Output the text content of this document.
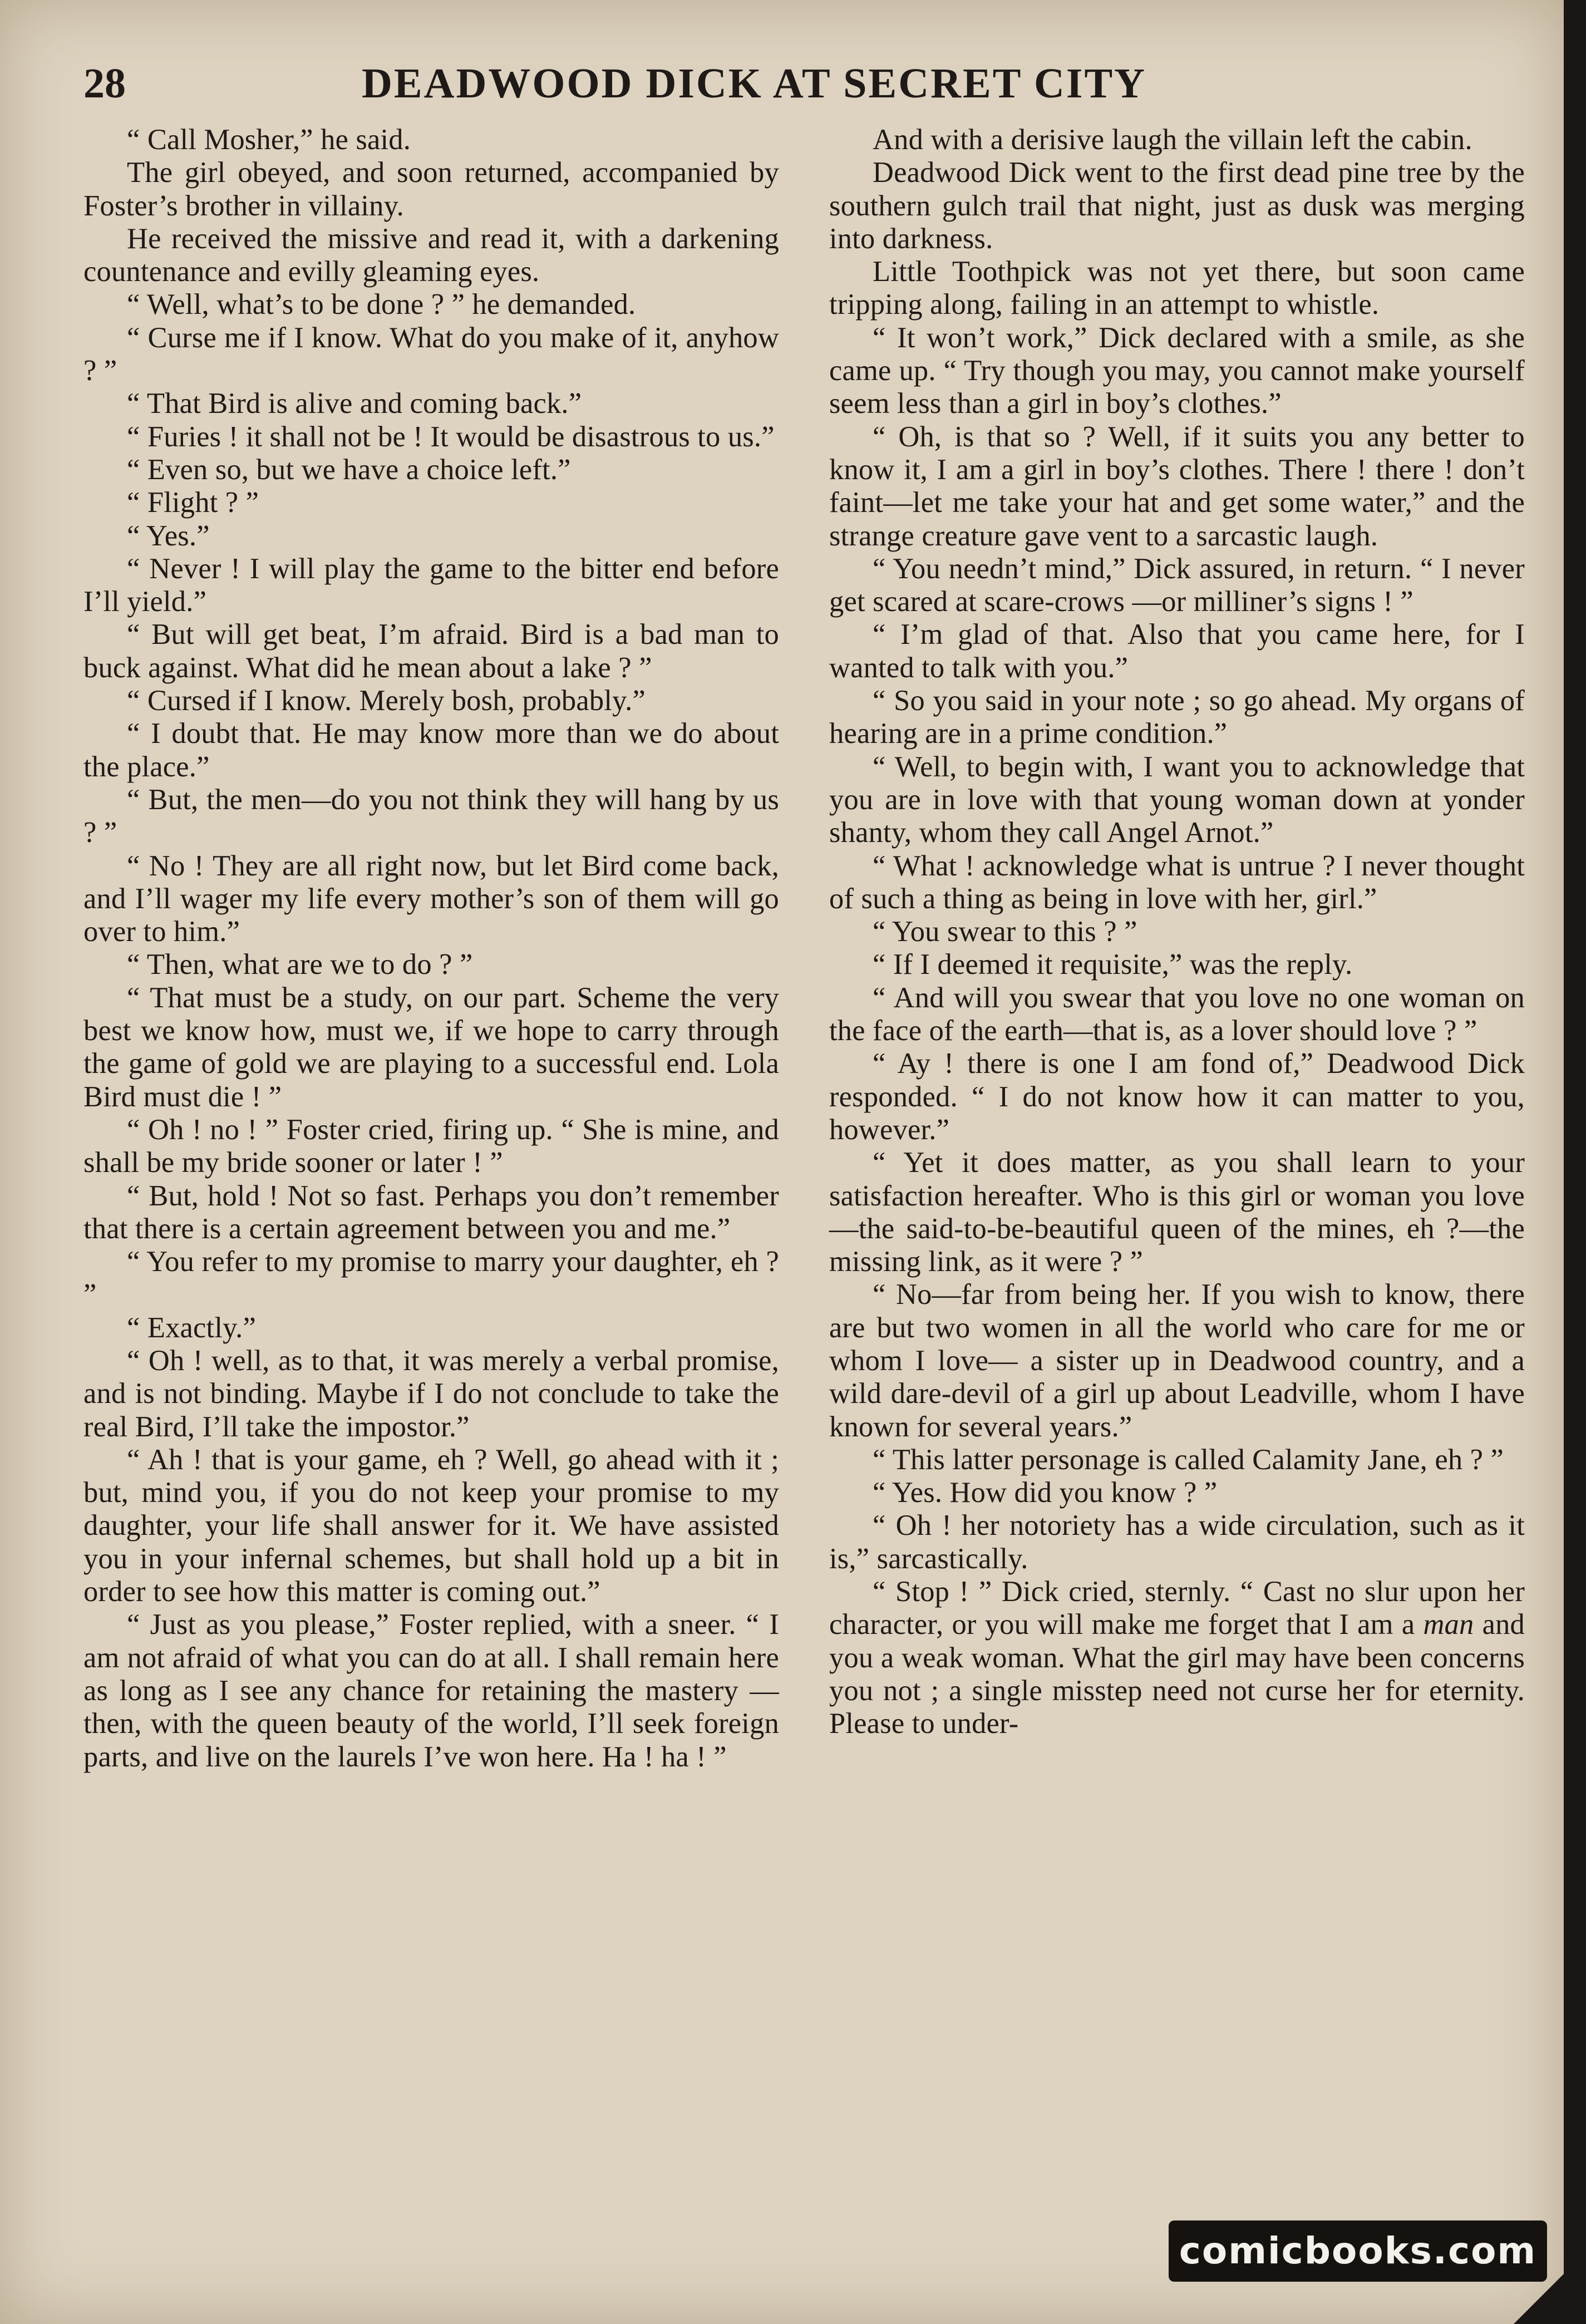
28	DEADWOOD DICK AT SECRET CITY

“ Call Mosher,” he said.

The girl obeyed, and soon returned, accompanied by Foster’s brother in villainy.

He received the missive and read it, with a darkening countenance and evilly gleaming eyes.

“ Well, what’s to be done ? ” he demanded.

“ Curse me if I know. What do you make of it, anyhow ? ”

“ That Bird is alive and coming back.”

“ Furies ! it shall not be ! It would be disastrous to us.”

“ Even so, but we have a choice left.”

“ Flight ? ”

“ Yes.”

“ Never ! I will play the game to the bitter end before I’ll yield.”

“ But will get beat, I’m afraid. Bird is a bad man to buck against. What did he mean about a lake ? ”

“ Cursed if I know. Merely bosh, probably.”

“ I doubt that. He may know more than we do about the place.”

“ But, the men—do you not think they will hang by us ? ”

“ No ! They are all right now, but let Bird come back, and I’ll wager my life every mother’s son of them will go over to him.”

“ Then, what are we to do ? ”

“ That must be a study, on our part. Scheme the very best we know how, must we, if we hope to carry through the game of gold we are playing to a successful end. Lola Bird must die ! ”

“ Oh ! no ! ” Foster cried, firing up. “ She is mine, and shall be my bride sooner or later ! ”

“ But, hold ! Not so fast. Perhaps you don’t remember that there is a certain agreement between you and me.”

“ You refer to my promise to marry your daughter, eh ? ”

“ Exactly.”

“ Oh ! well, as to that, it was merely a verbal promise, and is not binding. Maybe if I do not conclude to take the real Bird, I’ll take the impostor.”

“ Ah ! that is your game, eh ? Well, go ahead with it ; but, mind you, if you do not keep your promise to my daughter, your life shall answer for it. We have assisted you in your infernal schemes, but shall hold up a bit in order to see how this matter is coming out.”

“ Just as you please,” Foster replied, with a sneer. “ I am not afraid of what you can do at all. I shall remain here as long as I see any chance for retaining the mastery —then, with the queen beauty of the world, I’ll seek foreign parts, and live on the laurels I’ve won here. Ha ! ha ! ”

And with a derisive laugh the villain left the cabin.

Deadwood Dick went to the first dead pine tree by the southern gulch trail that night, just as dusk was merging into darkness.

Little Toothpick was not yet there, but soon came tripping along, failing in an attempt to whistle.

“ It won’t work,” Dick declared with a smile, as she came up. “ Try though you may, you cannot make yourself seem less than a girl in boy’s clothes.”

“ Oh, is that so ? Well, if it suits you any better to know it, I am a girl in boy’s clothes. There ! there ! don’t faint—let me take your hat and get some water,” and the strange creature gave vent to a sarcastic laugh.

“ You needn’t mind,” Dick assured, in return. “ I never get scared at scare-crows —or milliner’s signs ! ”

“ I’m glad of that. Also that you came here, for I wanted to talk with you.”

“ So you said in your note ; so go ahead. My organs of hearing are in a prime condition.”

“ Well, to begin with, I want you to acknowledge that you are in love with that young woman down at yonder shanty, whom they call Angel Arnot.”

“ What ! acknowledge what is untrue ? I never thought of such a thing as being in love with her, girl.”

“ You swear to this ? ”

“ If I deemed it requisite,” was the reply.

“ And will you swear that you love no one woman on the face of the earth—that is, as a lover should love ? ”

“ Ay ! there is one I am fond of,” Deadwood Dick responded. “ I do not know how it can matter to you, however.”

“ Yet it does matter, as you shall learn to your satisfaction hereafter. Who is this girl or woman you love—the said-to-be-beautiful queen of the mines, eh ?—the missing link, as it were ? ”

“ No—far from being her. If you wish to know, there are but two women in all the world who care for me or whom I love— a sister up in Deadwood country, and a wild dare-devil of a girl up about Leadville, whom I have known for several years.”

“ This latter personage is called Calamity Jane, eh ? ”

“ Yes. How did you know ? ”

“ Oh ! her notoriety has a wide circulation, such as it is,” sarcastically.

“ Stop ! ” Dick cried, sternly. “ Cast no slur upon her character, or you will make me forget that I am a man and you a weak woman. What the girl may have been concerns you not ; a single misstep need not curse her for eternity. Please to under-

comicbooks.com
